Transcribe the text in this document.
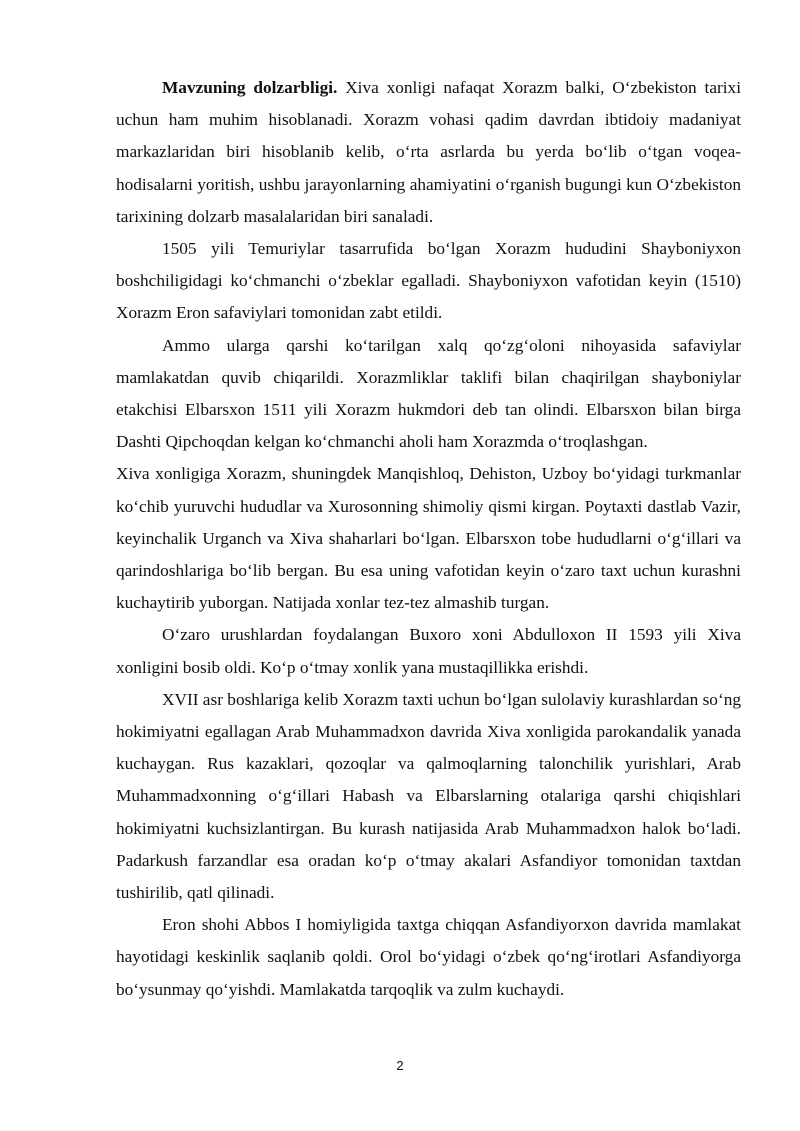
Mavzuning dolzarbligi. Xiva xonligi nafaqat Xorazm balki, O‘zbekiston tarixi uchun ham muhim hisoblanadi. Xorazm vohasi qadim davrdan ibtidoiy madaniyat markazlaridan biri hisoblanib kelib, o‘rta asrlarda bu yerda bo‘lib o‘tgan voqea-hodisalarni yoritish, ushbu jarayonlarning ahamiyatini o‘rganish bugungi kun O‘zbekiston tarixining dolzarb masalalaridan biri sanaladi.

1505 yili Temuriylar tasarrufida bo‘lgan Xorazm hududini Shayboniyxon boshchiligidagi ko‘chmanchi o‘zbeklar egalladi. Shayboniyxon vafotidan keyin (1510) Xorazm Eron safaviylari tomonidan zabt etildi.

Ammo ularga qarshi ko‘tarilgan xalq qo‘zg‘oloni nihoyasida safaviylar mamlakatdan quvib chiqarildi. Xorazmliklar taklifi bilan chaqirilgan shayboniylar etakchisi Elbarsxon 1511 yili Xorazm hukmdori deb tan olindi. Elbarsxon bilan birga Dashti Qipchoqdan kelgan ko‘chmanchi aholi ham Xorazmda o‘troqlashgan.

Xiva xonligiga Xorazm, shuningdek Manqishloq, Dehiston, Uzboy bo‘yidagi turkmanlar ko‘chib yuruvchi hududlar va Xurosonning shimoliy qismi kirgan. Poytaxti dastlab Vazir, keyinchalik Urganch va Xiva shaharlari bo‘lgan. Elbarsxon tobe hududlarni o‘g‘illari va qarindoshlariga bo‘lib bergan. Bu esa uning vafotidan keyin o‘zaro taxt uchun kurashni kuchaytirib yuborgan. Natijada xonlar tez-tez almashib turgan.

O‘zaro urushlardan foydalangan Buxoro xoni Abdulloxon II 1593 yili Xiva xonligini bosib oldi. Ko‘p o‘tmay xonlik yana mustaqillikka erishdi.

XVII asr boshlariga kelib Xorazm taxti uchun bo‘lgan sulolaviy kurashlardan so‘ng hokimiyatni egallagan Arab Muhammadxon davrida Xiva xonligida parokandalik yanada kuchaygan. Rus kazaklari, qozoqlar va qalmoqlarning talonchilik yurishlari, Arab Muhammadxonning o‘g‘illari Habash va Elbarslarning otalariga qarshi chiqishlari hokimiyatni kuchsizlantirgan. Bu kurash natijasida Arab Muhammadxon halok bo‘ladi. Padarkush farzandlar esa oradan ko‘p o‘tmay akalari Asfandiyor tomonidan taxtdan tushirilib, qatl qilinadi.

Eron shohi Abbos I homiyligida taxtga chiqqan Asfandiyorxon davrida mamlakat hayotidagi keskinlik saqlanib qoldi. Orol bo‘yidagi o‘zbek qo‘ng‘irotlari Asfandiyorga bo‘ysunmay qo‘yishdi. Mamlakatda tarqoqlik va zulm kuchaydi.

2
